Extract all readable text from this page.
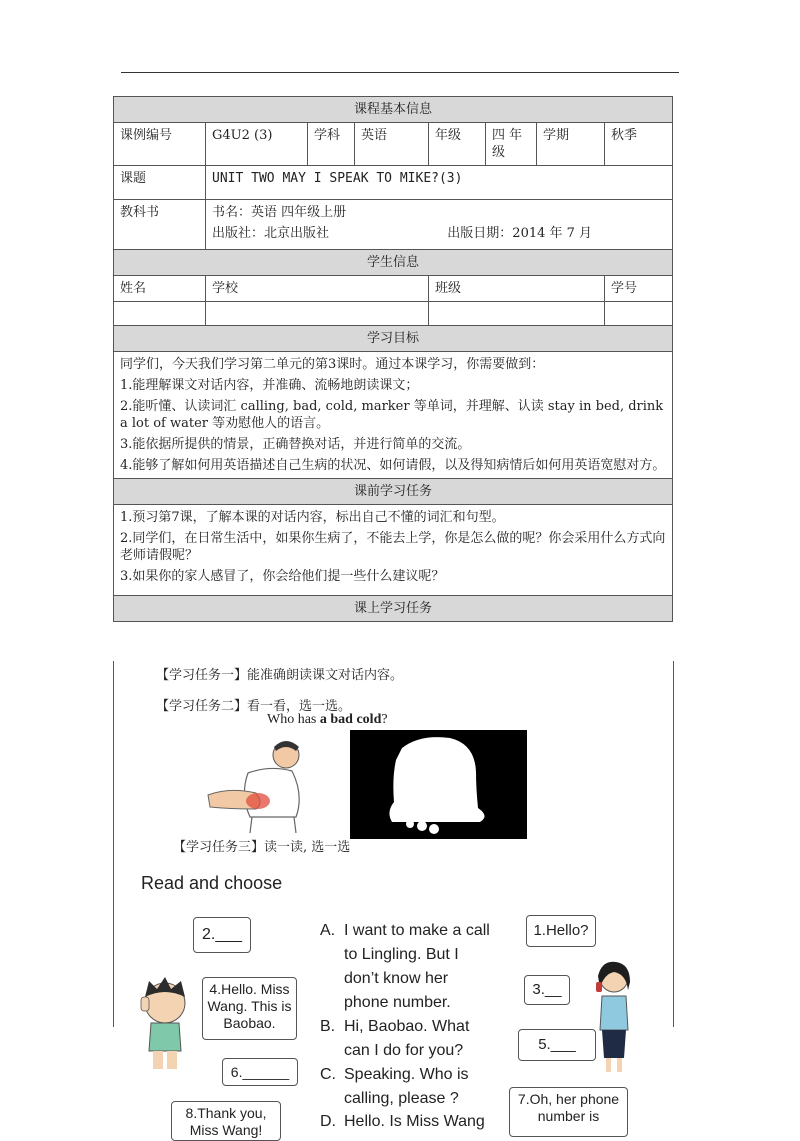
课程基本信息							
课例编号	G4U2 (3)	学科	英语	年级	四 年级	学期	秋季
课题	UNIT TWO MAY I SPEAK TO MIKE?(3)						
教科书	书名：英语 四年级上册
出版社：北京出版社 出版日期：2014 年 7 月						

学生信息							
姓名	学校			班级			学号

学习目标							

同学们，今天我们学习第二单元的第3课时。通过本课学习，你需要做到：
1.能理解课文对话内容，并准确、流畅地朗读课文；
2.能听懂、认读词汇 calling, bad, cold, marker 等单词，并理解、认读 stay in bed, drink a lot of water 等劝慰他人的语言。
3.能依据所提供的情景，正确替换对话，并进行简单的交流。
4.能够了解如何用英语描述自己生病的状况、如何请假，以及得知病情后如何用英语宽慰对方。							

课前学习任务							

1.预习第7课，了解本课的对话内容，标出自己不懂的词汇和句型。
2.同学们，在日常生活中，如果你生病了，不能去上学，你是怎么做的呢？你会采用什么方式向老师请假呢？
3.如果你的家人感冒了，你会给他们提一些什么建议呢？							

课上学习任务							
【学习任务一】能准确朗读课文对话内容。
【学习任务二】看一看，选一选。
Who has a bad cold?
【学习任务三】读一读, 选一选
Read and choose
2.___
4.Hello. Miss Wang. This is Baobao.
6.______
8.Thank you, Miss Wang!
1.Hello?
3.__
5.___
7.Oh, her phone number is
A. I want to make a call
to Lingling. But I
don’t know her
phone number.
B. Hi, Baobao. What
can I do for you?
C. Speaking. Who is
calling, please ?
D. Hello. Is Miss Wang
